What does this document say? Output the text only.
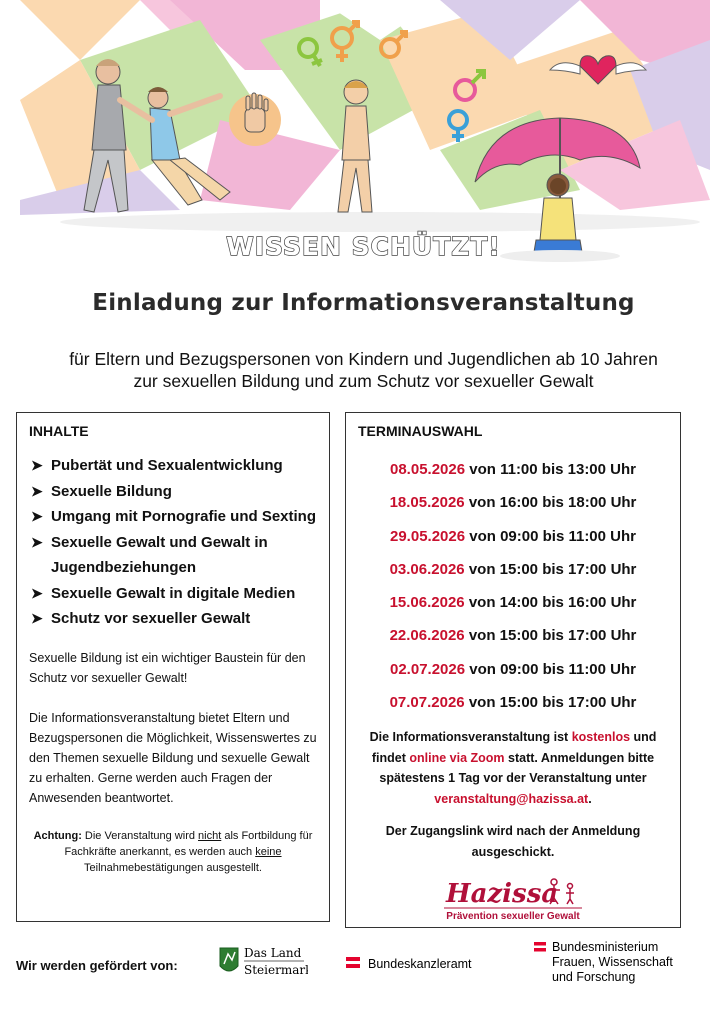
WISSEN SCHÜTZT!
Einladung zur Informationsveranstaltung
für Eltern und Bezugspersonen von Kindern und Jugendlichen ab 10 Jahren
zur sexuellen Bildung und zum Schutz vor sexueller Gewalt
INHALTE
➤ Pubertät und Sexualentwicklung
➤ Sexuelle Bildung
➤ Umgang mit Pornografie und Sexting
➤ Sexuelle Gewalt und Gewalt in Jugendbeziehungen
➤ Sexuelle Gewalt in digitale Medien
➤ Schutz vor sexueller Gewalt

Sexuelle Bildung ist ein wichtiger Baustein für den Schutz vor sexueller Gewalt!

Die Informationsveranstaltung bietet Eltern und Bezugspersonen die Möglichkeit, Wissenswertes zu den Themen sexuelle Bildung und sexuelle Gewalt zu erhalten. Gerne werden auch Fragen der Anwesenden beantwortet.

Achtung: Die Veranstaltung wird nicht als Fortbildung für Fachkräfte anerkannt, es werden auch keine Teilnahmebestätigungen ausgestellt.

TERMINAUSWAHL
08.05.2026 von 11:00 bis 13:00 Uhr
18.05.2026 von 16:00 bis 18:00 Uhr
29.05.2026 von 09:00 bis 11:00 Uhr
03.06.2026 von 15:00 bis 17:00 Uhr
15.06.2026 von 14:00 bis 16:00 Uhr
22.06.2026 von 15:00 bis 17:00 Uhr
02.07.2026 von 09:00 bis 11:00 Uhr
07.07.2026 von 15:00 bis 17:00 Uhr

Die Informationsveranstaltung ist kostenlos und findet online via Zoom statt. Anmeldungen bitte spätestens 1 Tag vor der Veranstaltung unter
veranstaltung@hazissa.at.

Der Zugangslink wird nach der Anmeldung ausgeschickt.

Hazissa
Prävention sexueller Gewalt
Wir werden gefördert von:
Das Land
Steiermark	Bundeskanzleramt
Bundesministerium
Frauen, Wissenschaft
und Forschung
